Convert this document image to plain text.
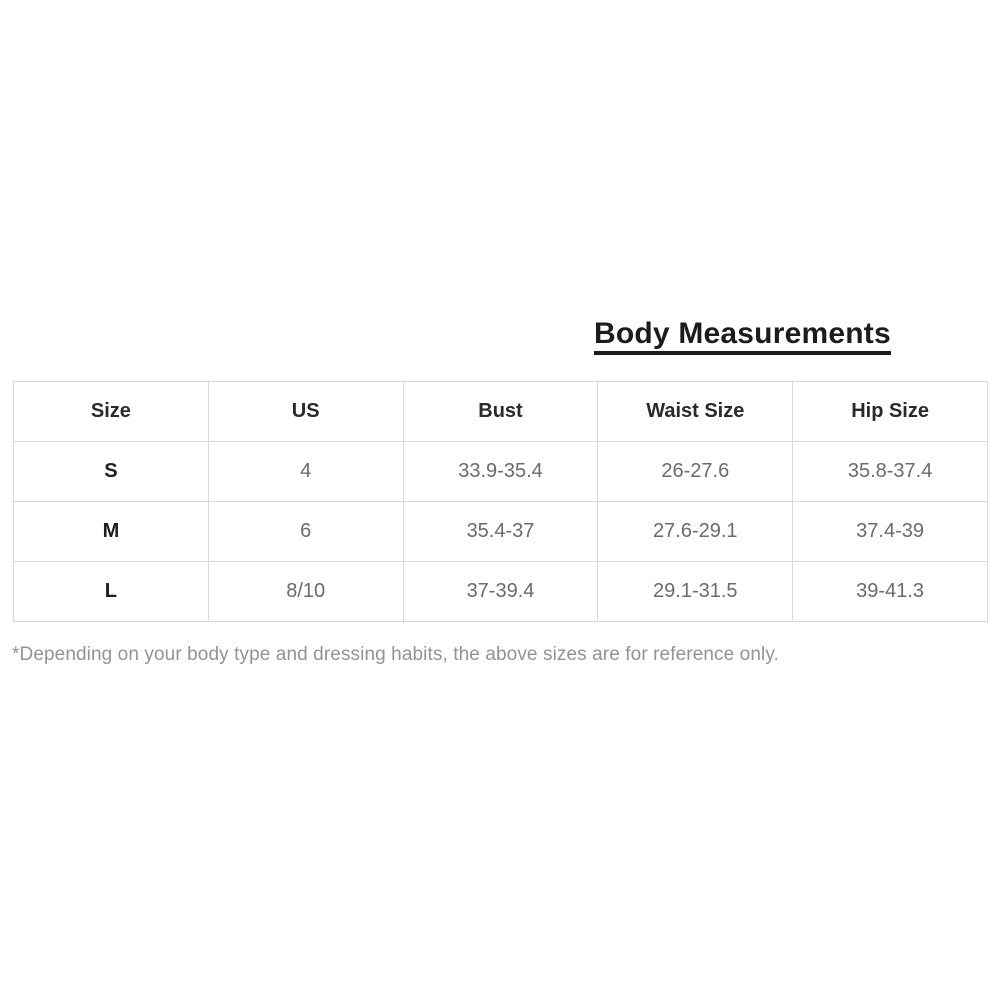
Body Measurements
Size	US	Bust	Waist Size	Hip Size
S	4	33.9-35.4	26-27.6	35.8-37.4
M	6	35.4-37	27.6-29.1	37.4-39
L	8/10	37-39.4	29.1-31.5	39-41.3
*Depending on your body type and dressing habits, the above sizes are for reference only.
